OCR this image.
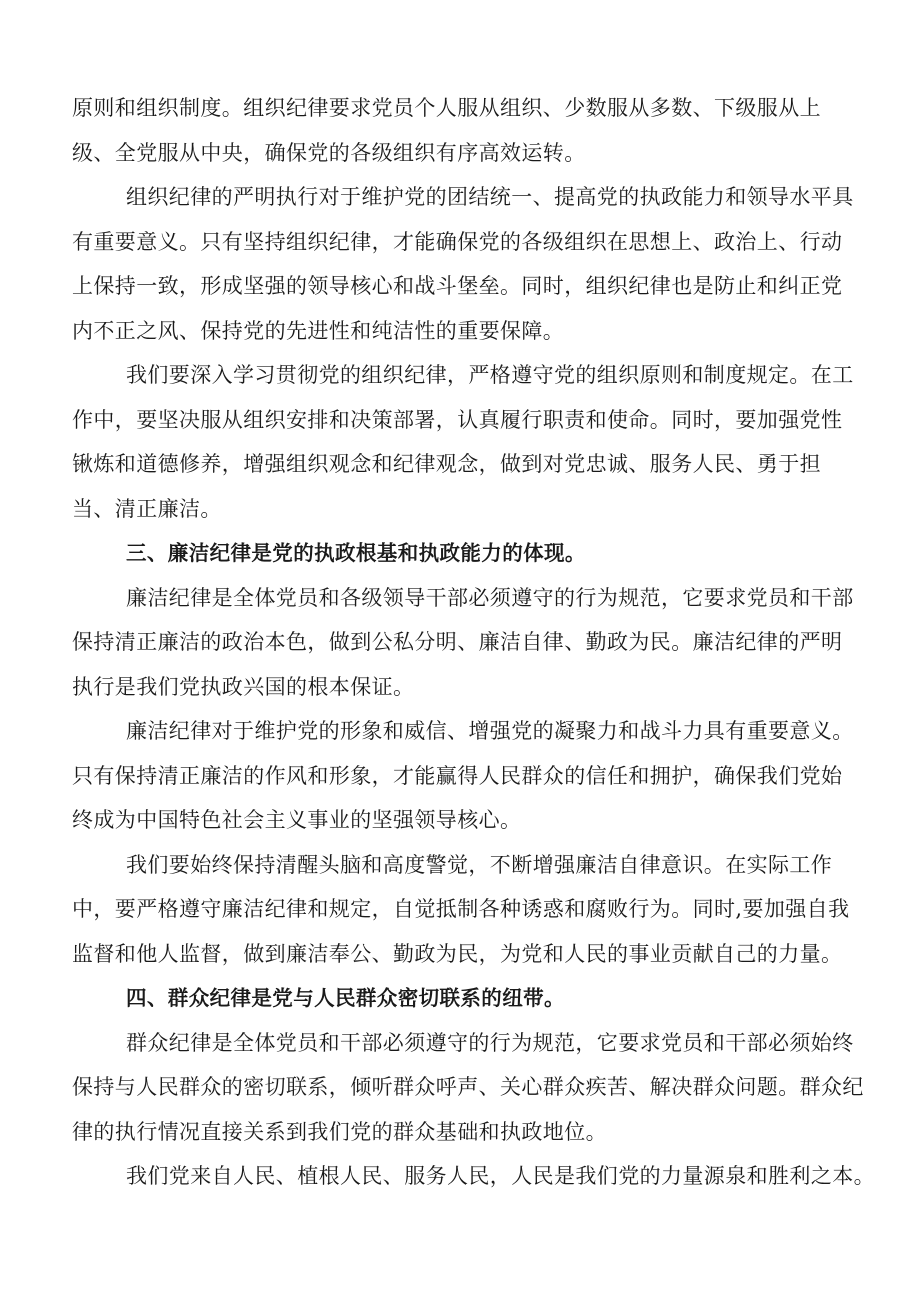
原则和组织制度。组织纪律要求党员个人服从组织、少数服从多数、下级服从上
级、全党服从中央，确保党的各级组织有序高效运转。
组织纪律的严明执行对于维护党的团结统一、提高党的执政能力和领导水平具
有重要意义。只有坚持组织纪律，才能确保党的各级组织在思想上、政治上、行动
上保持一致，形成坚强的领导核心和战斗堡垒。同时，组织纪律也是防止和纠正党
内不正之风、保持党的先进性和纯洁性的重要保障。
我们要深入学习贯彻党的组织纪律，严格遵守党的组织原则和制度规定。在工
作中，要坚决服从组织安排和决策部署，认真履行职责和使命。同时，要加强党性
锹炼和道德修养，增强组织观念和纪律观念，做到对党忠诚、服务人民、勇于担
当、清正廉洁。
三、廉洁纪律是党的执政根基和执政能力的体现。
廉洁纪律是全体党员和各级领导干部必须遵守的行为规范，它要求党员和干部
保持清正廉洁的政治本色，做到公私分明、廉洁自律、勤政为民。廉洁纪律的严明
执行是我们党执政兴国的根本保证。
廉洁纪律对于维护党的形象和威信、增强党的凝聚力和战斗力具有重要意义。
只有保持清正廉洁的作风和形象，才能赢得人民群众的信任和拥护，确保我们党始
终成为中国特色社会主义事业的坚强领导核心。
我们要始终保持清醒头脑和高度警觉，不断增强廉洁自律意识。在实际工作
中，要严格遵守廉洁纪律和规定，自觉抵制各种诱惑和腐败行为。同时,要加强自我
监督和他人监督，做到廉洁奉公、勤政为民，为党和人民的事业贡献自己的力量。
四、群众纪律是党与人民群众密切联系的纽带。
群众纪律是全体党员和干部必须遵守的行为规范，它要求党员和干部必须始终
保持与人民群众的密切联系，倾听群众呼声、关心群众疾苦、解决群众问题。群众纪
律的执行情况直接关系到我们党的群众基础和执政地位。
我们党来自人民、植根人民、服务人民，人民是我们党的力量源泉和胜利之本。
